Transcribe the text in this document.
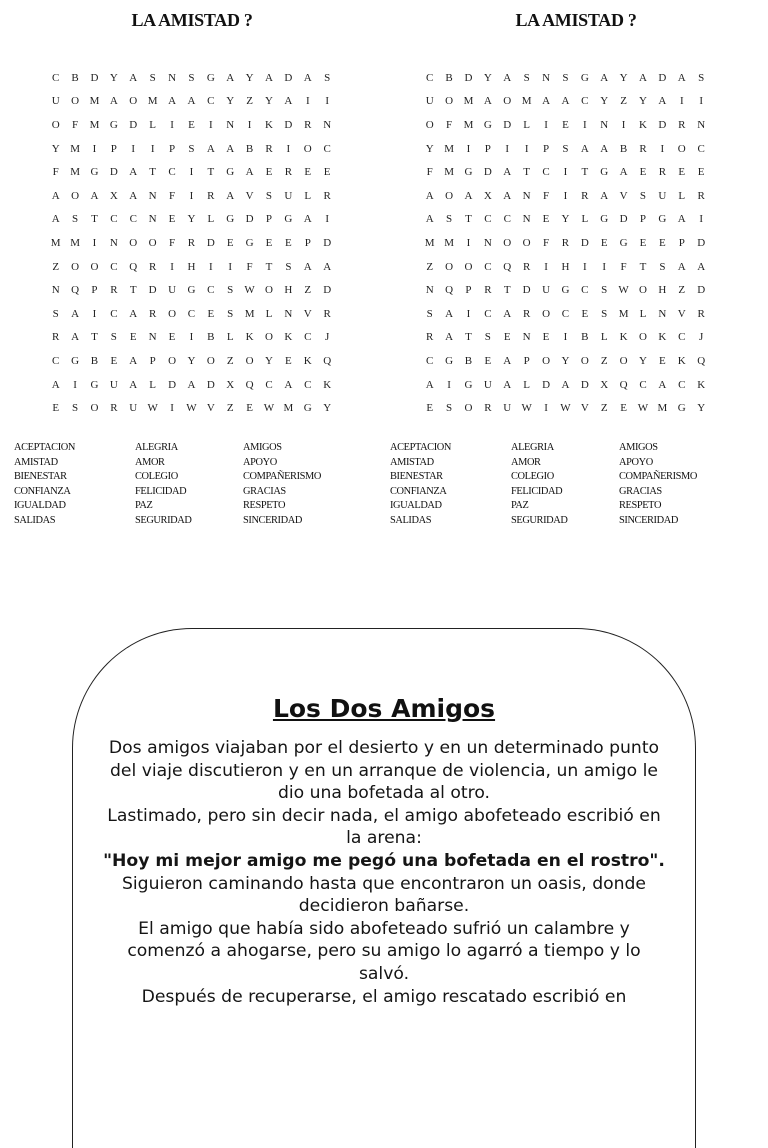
LA AMISTAD ?
C	B	D	Y	A	S	N	S	G	A	Y	A	D	A	S
U	O	M	A	O	M	A	A	C	Y	Z	Y	A	I	I
O	F	M	G	D	L	I	E	I	N	I	K	D	R	N
Y	M	I	P	I	I	P	S	A	A	B	R	I	O	C
F	M	G	D	A	T	C	I	T	G	A	E	R	E	E
A	O	A	X	A	N	F	I	R	A	V	S	U	L	R
A	S	T	C	C	N	E	Y	L	G	D	P	G	A	I
M	M	I	N	O	O	F	R	D	E	G	E	E	P	D
Z	O	O	C	Q	R	I	H	I	I	F	T	S	A	A
N	Q	P	R	T	D	U	G	C	S	W	O	H	Z	D
S	A	I	C	A	R	O	C	E	S	M	L	N	V	R
R	A	T	S	E	N	E	I	B	L	K	O	K	C	J
C	G	B	E	A	P	O	Y	O	Z	O	Y	E	K	Q
A	I	G	U	A	L	D	A	D	X	Q	C	A	C	K
E	S	O	R	U	W	I	W	V	Z	E	W	M	G	Y
ACEPTACION
AMISTAD
BIENESTAR
CONFIANZA
IGUALDAD
SALIDAS
ALEGRIA
AMOR
COLEGIO
FELICIDAD
PAZ
SEGURIDAD
AMIGOS
APOYO
COMPAÑERISMO
GRACIAS
RESPETO
SINCERIDAD
LA AMISTAD ?
C	B	D	Y	A	S	N	S	G	A	Y	A	D	A	S
U	O	M	A	O	M	A	A	C	Y	Z	Y	A	I	I
O	F	M	G	D	L	I	E	I	N	I	K	D	R	N
Y	M	I	P	I	I	P	S	A	A	B	R	I	O	C
F	M	G	D	A	T	C	I	T	G	A	E	R	E	E
A	O	A	X	A	N	F	I	R	A	V	S	U	L	R
A	S	T	C	C	N	E	Y	L	G	D	P	G	A	I
M	M	I	N	O	O	F	R	D	E	G	E	E	P	D
Z	O	O	C	Q	R	I	H	I	I	F	T	S	A	A
N	Q	P	R	T	D	U	G	C	S	W	O	H	Z	D
S	A	I	C	A	R	O	C	E	S	M	L	N	V	R
R	A	T	S	E	N	E	I	B	L	K	O	K	C	J
C	G	B	E	A	P	O	Y	O	Z	O	Y	E	K	Q
A	I	G	U	A	L	D	A	D	X	Q	C	A	C	K
E	S	O	R	U	W	I	W	V	Z	E	W	M	G	Y
ACEPTACION
AMISTAD
BIENESTAR
CONFIANZA
IGUALDAD
SALIDAS
ALEGRIA
AMOR
COLEGIO
FELICIDAD
PAZ
SEGURIDAD
AMIGOS
APOYO
COMPAÑERISMO
GRACIAS
RESPETO
SINCERIDAD
Los Dos Amigos

Dos amigos viajaban por el desierto y en un determinado punto del viaje discutieron y en un arranque de violencia, un amigo le dio una bofetada al otro.

Lastimado, pero sin decir nada, el amigo abofeteado escribió en la arena:

"Hoy mi mejor amigo me pegó una bofetada en el rostro".

Siguieron caminando hasta que encontraron un oasis, donde decidieron bañarse.

El amigo que había sido abofeteado sufrió un calambre y comenzó a ahogarse, pero su amigo lo agarró a tiempo y lo salvó.

Después de recuperarse, el amigo rescatado escribió en
